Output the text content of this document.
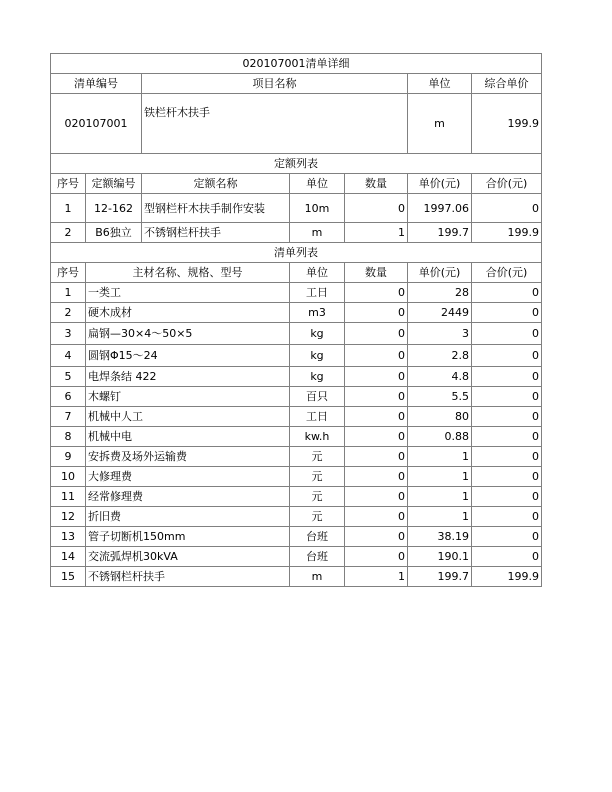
020107001清单详细						
清单编号		项目名称			单位	综合单价
020107001		铁栏杆木扶手			m	199.9
定额列表						
序号	定额编号	定额名称	单位	数量	单价(元)	合价(元)
1	12-162	型钢栏杆木扶手制作安装	10m	0	1997.06	0
2	B6独立	不锈钢栏杆扶手	m	1	199.7	199.9
清单列表						
序号	主材名称、规格、型号		单位	数量	单价(元)	合价(元)
1	一类工		工日	0	28	0
2	硬木成材		m3	0	2449	0
3	扁钢—30×4～50×5		kg	0	3	0
4	圆钢Φ15～24		kg	0	2.8	0
5	电焊条结 422		kg	0	4.8	0
6	木螺钉		百只	0	5.5	0
7	机械中人工		工日	0	80	0
8	机械中电		kw.h	0	0.88	0
9	安拆费及场外运输费		元	0	1	0
10	大修理费		元	0	1	0
11	经常修理费		元	0	1	0
12	折旧费		元	0	1	0
13	管子切断机150mm		台班	0	38.19	0
14	交流弧焊机30kVA		台班	0	190.1	0
15	不锈钢栏杆扶手		m	1	199.7	199.9
